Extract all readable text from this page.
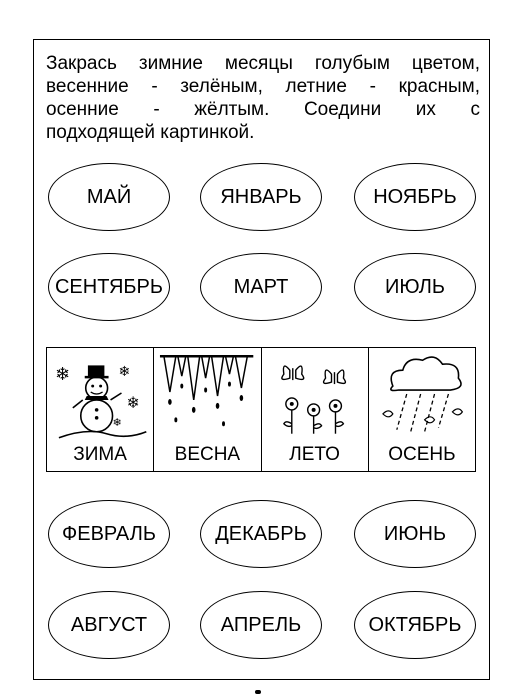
Закрась зимние месяцы голубым цветом,
весенние - зелёным, летние - красным,
осенние - жёлтым. Соедини их с
подходящей картинкой.

МАЙ	ЯНВАРЬ	НОЯБРЬ
СЕНТЯБРЬ	МАРТ	ИЮЛЬ
❄	❄
❄
❄
ЗИМА	ВЕСНА	ЛЕТО	ОСЕНЬ
ФЕВРАЛЬ	ДЕКАБРЬ	ИЮНЬ
АВГУСТ	АПРЕЛЬ	ОКТЯБРЬ
